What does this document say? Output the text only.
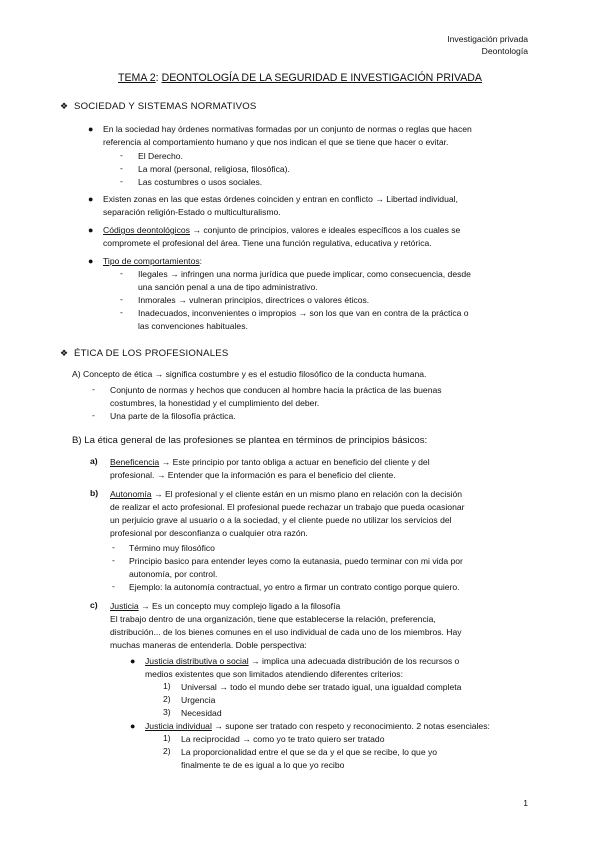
Investigación privada
Deontología
TEMA 2: DEONTOLOGÍA DE LA SEGURIDAD E INVESTIGACIÓN PRIVADA
❖ SOCIEDAD Y SISTEMAS NORMATIVOS
● En la sociedad hay órdenes normativas formadas por un conjunto de normas o reglas que hacen
referencia al comportamiento humano y que nos indican el que se tiene que hacer o evitar.
- El Derecho.
- La moral (personal, religiosa, filosófica).
- Las costumbres o usos sociales.
● Existen zonas en las que estas órdenes coinciden y entran en conflicto → Libertad individual,
separación religión-Estado o multiculturalismo.
● Códigos deontológicos → conjunto de principios, valores e ideales específicos a los cuales se
compromete el profesional del área. Tiene una función regulativa, educativa y retórica.
● Tipo de comportamientos:
- Ilegales → infringen una norma jurídica que puede implicar, como consecuencia, desde
una sanción penal a una de tipo administrativo.
- Inmorales → vulneran principios, directrices o valores éticos.
- Inadecuados, inconvenientes o impropios → son los que van en contra de la práctica o
las convenciones habituales.
❖ ÉTICA DE LOS PROFESIONALES
A) Concepto de ética → significa costumbre y es el estudio filosófico de la conducta humana.
- Conjunto de normas y hechos que conducen al hombre hacia la práctica de las buenas
costumbres, la honestidad y el cumplimiento del deber.
- Una parte de la filosofía práctica.
B) La ética general de las profesiones se plantea en términos de principios básicos:
a) Beneficencia → Este principio por tanto obliga a actuar en beneficio del cliente y del
profesional. → Entender que la información es para el beneficio del cliente.
b) Autonomía → El profesional y el cliente están en un mismo plano en relación con la decisión
de realizar el acto profesional. El profesional puede rechazar un trabajo que pueda ocasionar
un perjuicio grave al usuario o a la sociedad, y el cliente puede no utilizar los servicios del
profesional por desconfianza o cualquier otra razón.
- Término muy filosófico
- Principio basico para entender leyes como la eutanasia, puedo terminar con mi vida por
autonomía, por control.
- Ejemplo: la autonomía contractual, yo entro a firmar un contrato contigo porque quiero.
c) Justicia → Es un concepto muy complejo ligado a la filosofía
El trabajo dentro de una organización, tiene que establecerse la relación, preferencia,
distribución... de los bienes comunes en el uso individual de cada uno de los miembros. Hay
muchas maneras de entenderla. Doble perspectiva:
● Justicia distributiva o social → implica una adecuada distribución de los recursos o
medios existentes que son limitados atendiendo diferentes criterios:
1) Universal → todo el mundo debe ser tratado igual, una igualdad completa
2) Urgencia
3) Necesidad
● Justicia individual → supone ser tratado con respeto y reconocimiento. 2 notas esenciales:
1) La reciprocidad → como yo te trato quiero ser tratado
2) La proporcionalidad entre el que se da y el que se recibe, lo que yo
finalmente te de es igual a lo que yo recibo
1
